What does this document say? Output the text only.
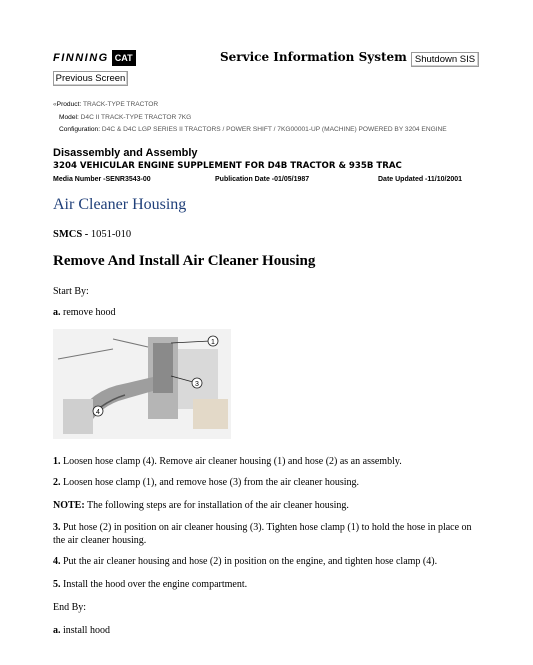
FINNING CAT	Service Information System Shutdown SIS
Previous Screen
«Product: TRACK-TYPE TRACTOR
Model: D4C II TRACK-TYPE TRACTOR 7KG
Configuration: D4C & D4C LGP SERIES II TRACTORS / POWER SHIFT / 7KG00001-UP (MACHINE) POWERED BY 3204 ENGINE
Disassembly and Assembly
3204 VEHICULAR ENGINE SUPPLEMENT FOR D4B TRACTOR & 935B TRAC
Media Number -SENR3543-00	Publication Date -01/05/1987	Date Updated -11/10/2001
Air Cleaner Housing
SMCS - 1051-010
Remove And Install Air Cleaner Housing
Start By:
a. remove hood
1
3
4
1. Loosen hose clamp (4). Remove air cleaner housing (1) and hose (2) as an assembly.
2. Loosen hose clamp (1), and remove hose (3) from the air cleaner housing.
NOTE: The following steps are for installation of the air cleaner housing.
3. Put hose (2) in position on air cleaner housing (3). Tighten hose clamp (1) to hold the hose in place on the air cleaner housing.
4. Put the air cleaner housing and hose (2) in position on the engine, and tighten hose clamp (4).
5. Install the hood over the engine compartment.
End By:
a. install hood
